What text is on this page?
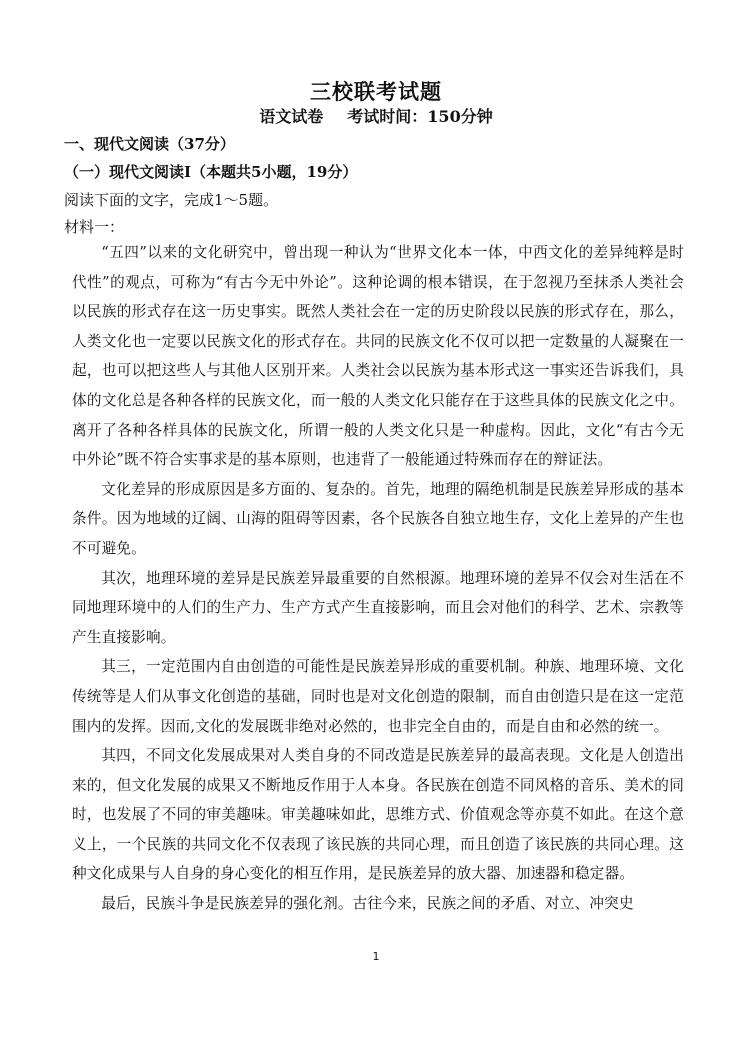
三校联考试题
语文试卷 考试时间：150分钟
一、现代文阅读（37分）
（一）现代文阅读Ⅰ（本题共5小题，19分）
阅读下面的文字，完成1～5题。
材料一：

“五四”以来的文化研究中，曾出现一种认为“世界文化本一体，中西文化的差异纯粹是时代性”的观点，可称为“有古今无中外论”。这种论调的根本错误，在于忽视乃至抹杀人类社会以民族的形式存在这一历史事实。既然人类社会在一定的历史阶段以民族的形式存在，那么，人类文化也一定要以民族文化的形式存在。共同的民族文化不仅可以把一定数量的人凝聚在一起，也可以把这些人与其他人区别开来。人类社会以民族为基本形式这一事实还告诉我们，具体的文化总是各种各样的民族文化，而一般的人类文化只能存在于这些具体的民族文化之中。离开了各种各样具体的民族文化，所谓一般的人类文化只是一种虚构。因此，文化“有古今无中外论”既不符合实事求是的基本原则，也违背了一般能通过特殊而存在的辩证法。

文化差异的形成原因是多方面的、复杂的。首先，地理的隔绝机制是民族差异形成的基本条件。因为地域的辽阔、山海的阻碍等因素，各个民族各自独立地生存，文化上差异的产生也不可避免。

其次，地理环境的差异是民族差异最重要的自然根源。地理环境的差异不仅会对生活在不同地理环境中的人们的生产力、生产方式产生直接影响，而且会对他们的科学、艺术、宗教等产生直接影响。

其三，一定范围内自由创造的可能性是民族差异形成的重要机制。种族、地理环境、文化传统等是人们从事文化创造的基础，同时也是对文化创造的限制，而自由创造只是在这一定范围内的发挥。因而,文化的发展既非绝对必然的，也非完全自由的，而是自由和必然的统一。

其四，不同文化发展成果对人类自身的不同改造是民族差异的最高表现。文化是人创造出来的，但文化发展的成果又不断地反作用于人本身。各民族在创造不同风格的音乐、美术的同时，也发展了不同的审美趣味。审美趣味如此，思维方式、价值观念等亦莫不如此。在这个意义上，一个民族的共同文化不仅表现了该民族的共同心理，而且创造了该民族的共同心理。这种文化成果与人自身的身心变化的相互作用，是民族差异的放大器、加速器和稳定器。

最后，民族斗争是民族差异的强化剂。古往今来，民族之间的矛盾、对立、冲突史

1
